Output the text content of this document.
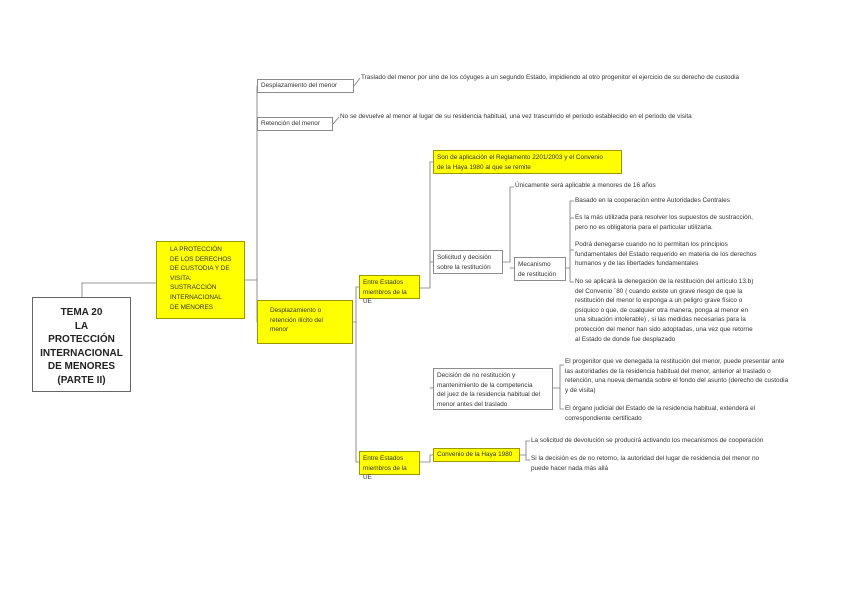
TEMA 20
LA
PROTECCIÓN
INTERNACIONAL
DE MENORES
(PARTE II)
LA PROTECCIÓN
DE LOS DERECHOS
DE CUSTODIA Y DE
VISITA:
SUSTRACCIÓN
INTERNACIONAL
DE MENORES
Desplazamiento del menor
Traslado del menor por uno de los cóyuges a un segundo Estado, impidiendo al otro progenitor el ejercicio de su derecho de custodia
Retención del menor
No se devuelve al menor al lugar de su residencia habitual, una vez trascurrido el periodo establecido en el periodo de visita
Desplazamiento o
retención ilícito del
menor
Entre Estados
miembros de la UE
Son de aplicación el Reglamento 2201/2003 y el Convenio
de la Haya 1980 al que se remite
Solicitud y decisión
sobre la restitución
Únicamente será aplicable a menores de 16 años
Mecanismo
de restitución
Basado en la cooperación entre Autoridades Centrales
Es la más utilizada para resolver los supuestos de sustracción,
pero no es obligatoria para el particular utilizarla.
Podrá denegarse cuando no lo permitan los principios
fundamentales del Estado requerido en materia de los derechos
humanos y de las libertades fundamentales
No se aplicará la denegación de la restitución del artículo 13.b)
del Convenio ´80 ( cuando existe un grave riesgo de que la
restitución del menor lo exponga a un peligro grave físico o
psíquico o que, de cualquier otra manera, ponga al menor en
una situación intolerable) , si las medidas necesarias para la
protección del menor han sido adoptadas, una vez que retorne
al Estado de donde fue desplazado
Decisión de no restitución y
mantenimiento de la competencia
del juez de la residencia habitual del
menor antes del traslado
El progenitor que ve denegada la restitución del menor, puede presentar ante
las autoridades de la residencia habitual del menor, anterior al traslado o
retención, una nueva demanda sobre el fondo del asunto (derecho de custodia
y de visita)
El órgano judicial del Estado de la residencia habitual, extenderá el
correspondiente certificado
Entre Estados
miembros de la UE
Convenio de la Haya 1980
La solicitud de devolución se producirá activando los mecanismos de cooperación
Si la decisión es de no retorno, la autoridad del lugar de residencia del menor no
puede hacer nada más allá
